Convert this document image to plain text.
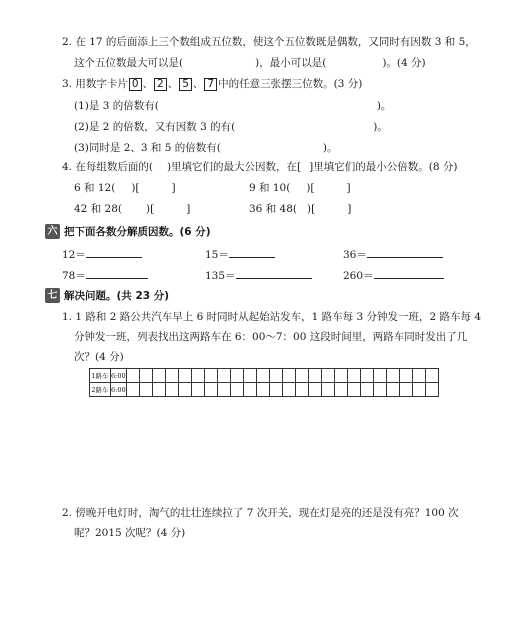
2. 在 17 的后面添上三个数组成五位数，使这个五位数既是偶数，又同时有因数 3 和 5，
这个五位数最大可以是(	)，最小可以是(	)。(4 分)
3. 用数字卡片 0 、 2 、 5 、 7 中的任意三张摆三位数。(3 分)
(1)是 3 的倍数有(	)。
(2)是 2 的倍数，又有因数 3 的有(	)。
(3)同时是 2、3 和 5 的倍数有(	)。
4. 在每组数后面的( )里填它们的最大公因数，在[ ]里填它们的最小公倍数。(8 分)
6 和 12( )[	]	9 和 10( )[	]
42 和 28( )[	]	36 和 48( )[	]
六 把下面各数分解质因数。(6 分)
12＝	15＝	36＝
78＝	135＝	260＝
七 解决问题。(共 23 分)
1. 1 路和 2 路公共汽车早上 6 时同时从起始站发车，1 路车每 3 分钟发一班，2 路车每 4
分钟发一班，列表找出这两路车在 6：00～7：00 这段时间里，两路车同时发出了几
次？(4 分)
1路车	6:00																								
2路车	6:00																								
2. 傍晚开电灯时，淘气的壮壮连续拉了 7 次开关，现在灯是亮的还是没有亮？100 次
呢？2015 次呢？(4 分)
